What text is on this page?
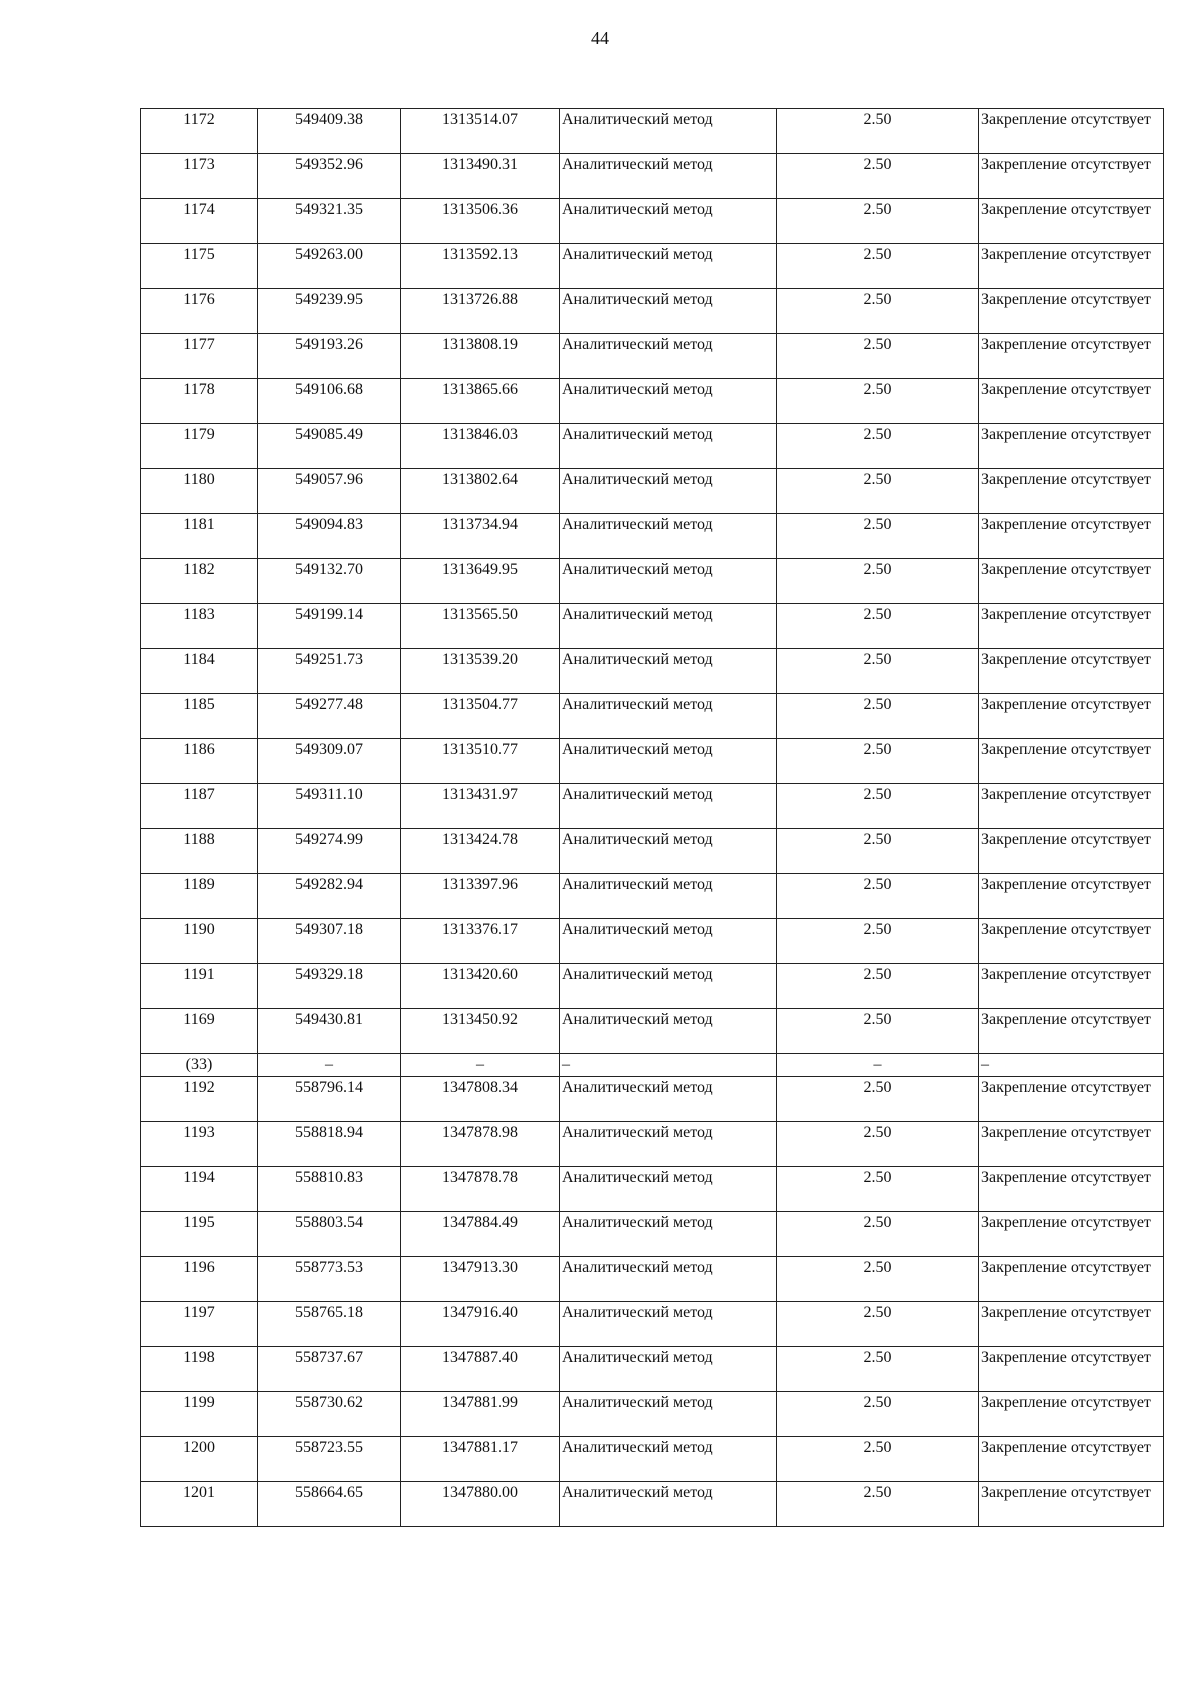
44
1172	549409.38	1313514.07	Аналитический метод	2.50	Закрепление отсутствует
1173	549352.96	1313490.31	Аналитический метод	2.50	Закрепление отсутствует
1174	549321.35	1313506.36	Аналитический метод	2.50	Закрепление отсутствует
1175	549263.00	1313592.13	Аналитический метод	2.50	Закрепление отсутствует
1176	549239.95	1313726.88	Аналитический метод	2.50	Закрепление отсутствует
1177	549193.26	1313808.19	Аналитический метод	2.50	Закрепление отсутствует
1178	549106.68	1313865.66	Аналитический метод	2.50	Закрепление отсутствует
1179	549085.49	1313846.03	Аналитический метод	2.50	Закрепление отсутствует
1180	549057.96	1313802.64	Аналитический метод	2.50	Закрепление отсутствует
1181	549094.83	1313734.94	Аналитический метод	2.50	Закрепление отсутствует
1182	549132.70	1313649.95	Аналитический метод	2.50	Закрепление отсутствует
1183	549199.14	1313565.50	Аналитический метод	2.50	Закрепление отсутствует
1184	549251.73	1313539.20	Аналитический метод	2.50	Закрепление отсутствует
1185	549277.48	1313504.77	Аналитический метод	2.50	Закрепление отсутствует
1186	549309.07	1313510.77	Аналитический метод	2.50	Закрепление отсутствует
1187	549311.10	1313431.97	Аналитический метод	2.50	Закрепление отсутствует
1188	549274.99	1313424.78	Аналитический метод	2.50	Закрепление отсутствует
1189	549282.94	1313397.96	Аналитический метод	2.50	Закрепление отсутствует
1190	549307.18	1313376.17	Аналитический метод	2.50	Закрепление отсутствует
1191	549329.18	1313420.60	Аналитический метод	2.50	Закрепление отсутствует
1169	549430.81	1313450.92	Аналитический метод	2.50	Закрепление отсутствует
(33)	–	–	–	–	–
1192	558796.14	1347808.34	Аналитический метод	2.50	Закрепление отсутствует
1193	558818.94	1347878.98	Аналитический метод	2.50	Закрепление отсутствует
1194	558810.83	1347878.78	Аналитический метод	2.50	Закрепление отсутствует
1195	558803.54	1347884.49	Аналитический метод	2.50	Закрепление отсутствует
1196	558773.53	1347913.30	Аналитический метод	2.50	Закрепление отсутствует
1197	558765.18	1347916.40	Аналитический метод	2.50	Закрепление отсутствует
1198	558737.67	1347887.40	Аналитический метод	2.50	Закрепление отсутствует
1199	558730.62	1347881.99	Аналитический метод	2.50	Закрепление отсутствует
1200	558723.55	1347881.17	Аналитический метод	2.50	Закрепление отсутствует
1201	558664.65	1347880.00	Аналитический метод	2.50	Закрепление отсутствует
